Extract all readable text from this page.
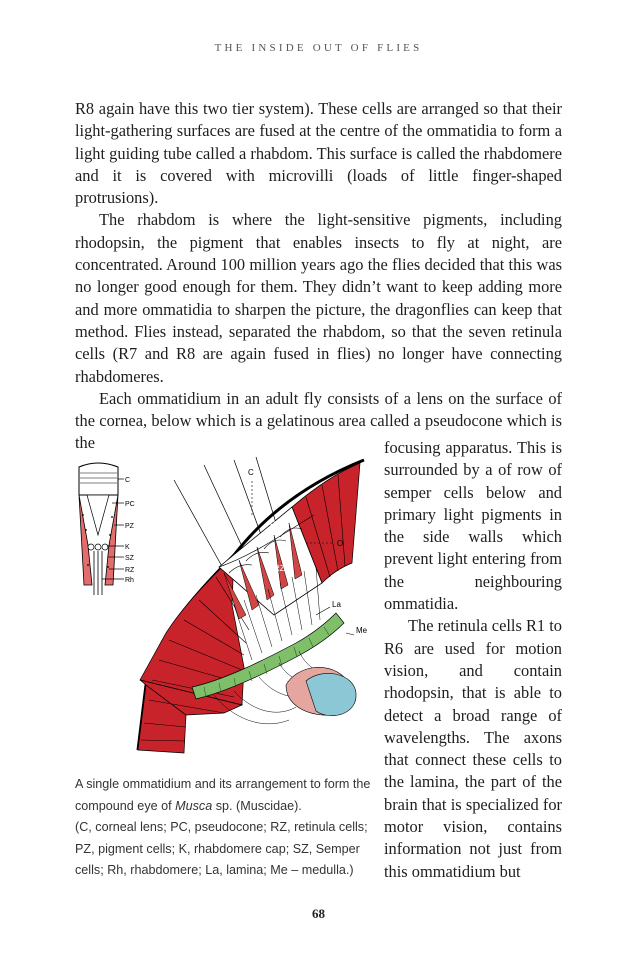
THE INSIDE OUT OF FLIES

R8 again have this two tier system). These cells are arranged so that their light-gathering surfaces are fused at the centre of the ommatidia to form a light guiding tube called a rhabdom. This surface is called the rhabdomere and it is covered with microvilli (loads of little finger-shaped protrusions).

The rhabdom is where the light-sensitive pigments, including rhodopsin, the pigment that enables insects to fly at night, are concentrated. Around 100 million years ago the flies decided that this was no longer good enough for them. They didn’t want to keep adding more and more ommatidia to sharpen the picture, the dragonflies can keep that method. Flies instead, separated the rhabdom, so that the seven retinula cells (R7 and R8 are again fused in flies) no longer have connecting rhabdomeres.

Each ommatidium in an adult fly consists of a lens on the surface of the cornea, below which is a gelatinous area called a pseudocone which is the

C
PC
PZ
K
SZ
RZ
Rh
C
PC
O
RZ
La
Me

focusing apparatus. This is surrounded by a of row of semper cells below and primary light pigments in the side walls which prevent light entering from the neighbouring ommatidia.

The retinula cells R1 to R6 are used for motion vision, and contain rhodopsin, that is able to detect a broad range of wavelengths. The axons that connect these cells to the lamina, the part of the brain that is specialized for motor vision, contains information not just from this ommatidium but

A single ommatidium and its arrangement to form the compound eye of Musca sp. (Muscidae).
(C, corneal lens; PC, pseudocone; RZ, retinula cells; PZ, pigment cells; K, rhabdomere cap; SZ, Semper cells; Rh, rhabdomere; La, lamina; Me – medulla.)
68
